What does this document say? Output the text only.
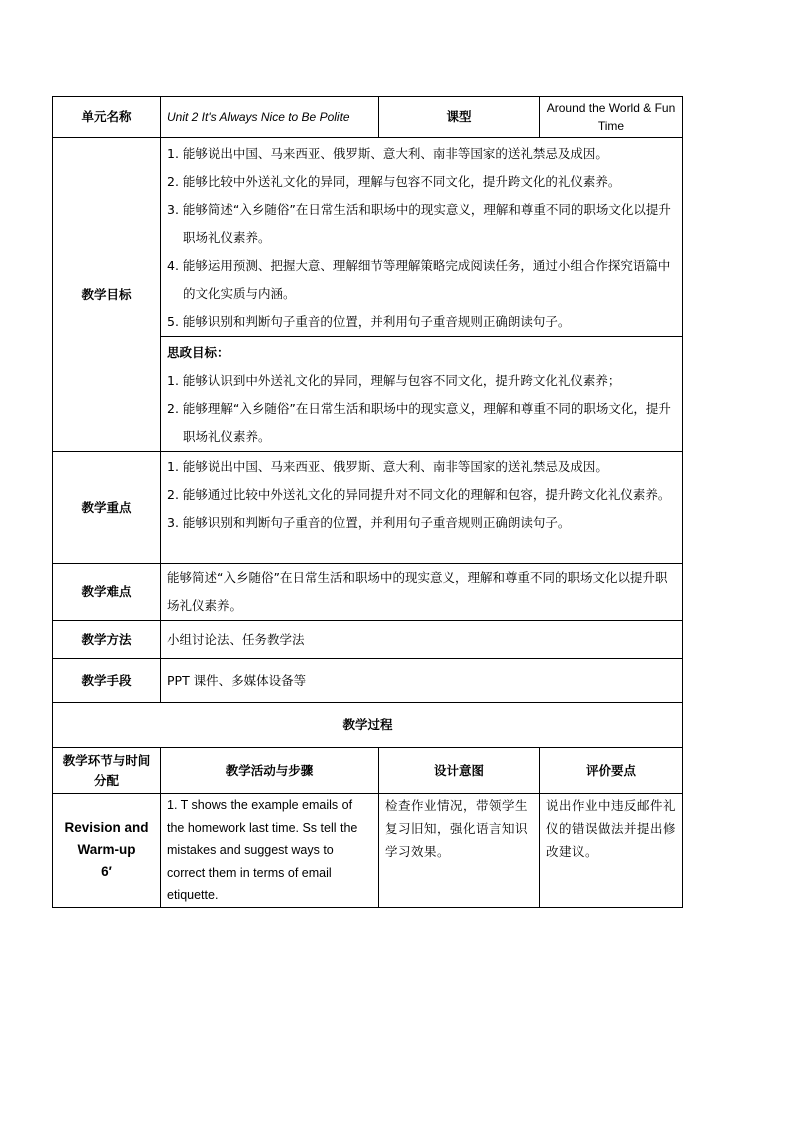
单元名称	Unit 2 It's Always Nice to Be Polite	课型	Around the World & Fun Time
教学目标	1. 能够说出中国、马来西亚、俄罗斯、意大利、南非等国家的送礼禁忌及成因。
2. 能够比较中外送礼文化的异同，理解与包容不同文化，提升跨文化的礼仪素养。
3. 能够简述“入乡随俗”在日常生活和职场中的现实意义，理解和尊重不同的职场文化以提升职场礼仪素养。
4. 能够运用预测、把握大意、理解细节等理解策略完成阅读任务，通过小组合作探究语篇中的文化实质与内涵。
5. 能够识别和判断句子重音的位置，并利用句子重音规则正确朗读句子。		

	思政目标：
1. 能够认识到中外送礼文化的异同，理解与包容不同文化，提升跨文化礼仪素养；
2. 能够理解“入乡随俗”在日常生活和职场中的现实意义，理解和尊重不同的职场文化，提升职场礼仪素养。		

教学重点	1. 能够说出中国、马来西亚、俄罗斯、意大利、南非等国家的送礼禁忌及成因。
2. 能够通过比较中外送礼文化的异同提升对不同文化的理解和包容，提升跨文化礼仪素养。
3. 能够识别和判断句子重音的位置，并利用句子重音规则正确朗读句子。		

教学难点	能够简述“入乡随俗”在日常生活和职场中的现实意义，理解和尊重不同的职场文化以提升职场礼仪素养。		
教学方法	小组讨论法、任务教学法		
教学手段	PPT 课件、多媒体设备等		
教学过程			
教学环节与时间分配	教学活动与步骤	设计意图	评价要点

Revision and Warm-up
6′	1. T shows the example emails of the homework last time. Ss tell the mistakes and suggest ways to correct them in terms of email etiquette.	检查作业情况，带领学生复习旧知，强化语言知识学习效果。	说出作业中违反邮件礼仪的错误做法并提出修改建议。
